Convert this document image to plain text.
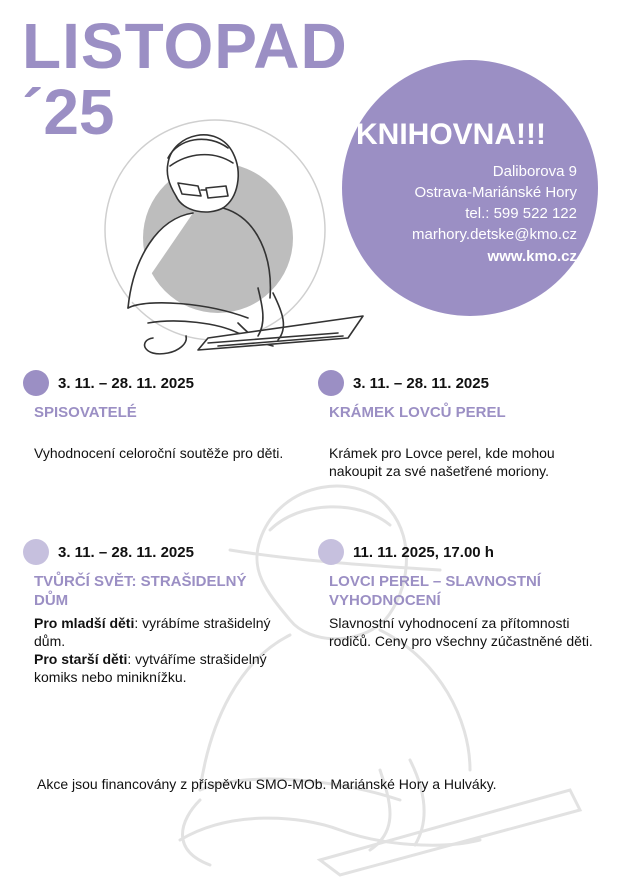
LISTOPAD
´25	KNIHOVNA!!!
Daliborova 9
Ostrava-Mariánské Hory
tel.: 599 522 122
marhory.detske@kmo.cz
www.kmo.cz
3. 11. – 28. 11. 2025
SPISOVATELÉ
Vyhodnocení celoroční soutěže pro děti.
3. 11. – 28. 11. 2025
KRÁMEK LOVCŮ PEREL
Krámek pro Lovce perel, kde mohou nakoupit za své našetřené moriony.
3. 11. – 28. 11. 2025
TVŮRČÍ SVĚT: STRAŠIDELNÝ
DŮM
Pro mladší děti: vyrábíme strašidelný dům.
Pro starší děti: vytváříme strašidelný komiks nebo miniknížku.
11. 11. 2025, 17.00 h
LOVCI PEREL – SLAVNOSTNÍ
VYHODNOCENÍ
Slavnostní vyhodnocení za přítomnosti rodičů. Ceny pro všechny zúčastněné děti.
Akce jsou financovány z příspěvku SMO-MOb. Mariánské Hory a Hulváky.
